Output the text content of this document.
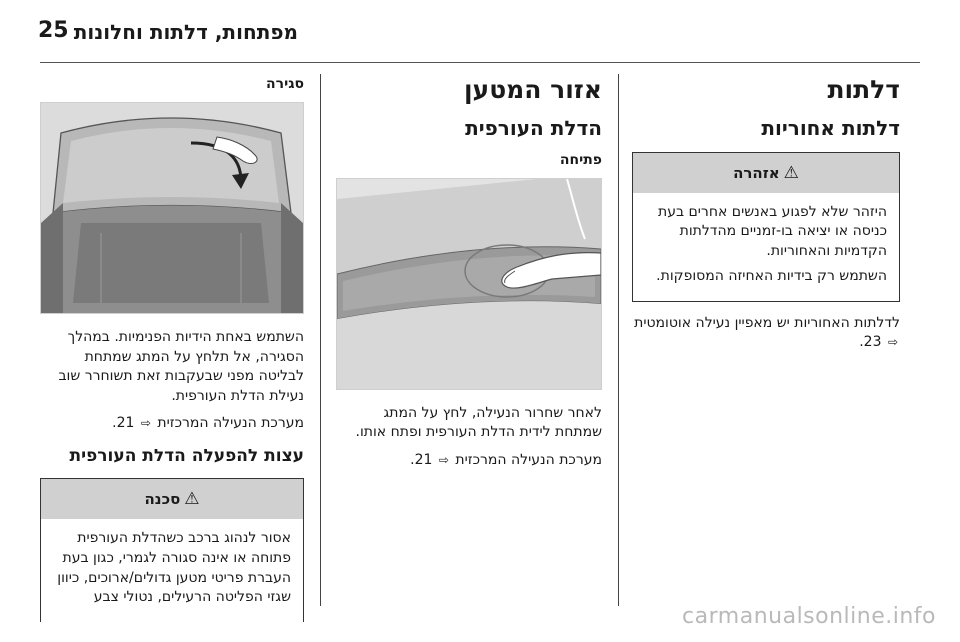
25 מפתחות, דלתות וחלונות
דלתות
דלתות אחוריות
⚠
אזהרה
היזהר שלא לפגוע באנשים אחרים בעת כניסה או יציאה בו-זמניים מהדלתות הקדמיות והאחוריות.
השתמש רק בידיות האחיזה המסופקות.
לדלתות האחוריות יש מאפיין נעילה אוטומטית ⇨ 23.
אזור המטען
הדלת העורפית
פתיחה
לאחר שחרור הנעילה, לחץ על המתג שמתחת לידית הדלת העורפית ופתח אותו.
מערכת הנעילה המרכזית ⇨ 21.
סגירה
השתמש באחת הידיות הפנימיות. במהלך הסגירה, אל תלחץ על המתג שמתחת לבליטה מפני שבעקבות זאת תשוחרר שוב נעילת הדלת העורפית.
מערכת הנעילה המרכזית ⇨ 21.
עצות להפעלה הדלת העורפית
⚠
סכנה
אסור לנהוג ברכב כשהדלת העורפית פתוחה או אינה סגורה לגמרי, כגון בעת העברת פריטי מטען גדולים/ארוכים, כיוון שגזי הפליטה הרעילים, נטולי צבע
carmanualsonline.info
